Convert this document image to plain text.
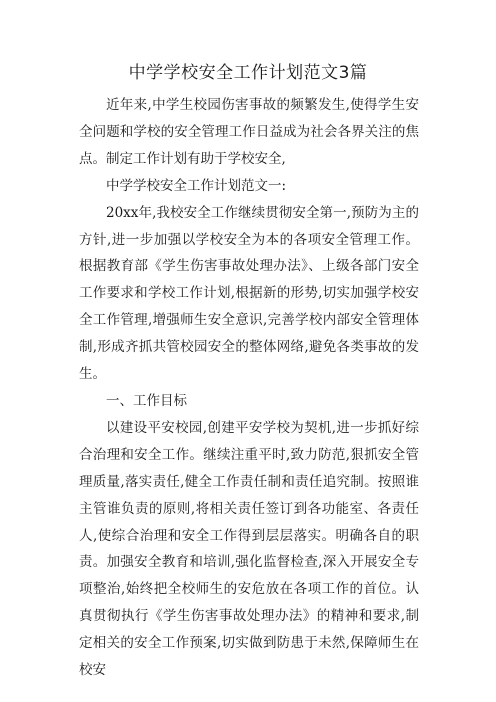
中学学校安全工作计划范文3篇

近年来,中学生校园伤害事故的频繁发生,使得学生安全问题和学校的安全管理工作日益成为社会各界关注的焦点。制定工作计划有助于学校安全,

中学学校安全工作计划范文一:

20xx年,我校安全工作继续贯彻安全第一,预防为主的方针,进一步加强以学校安全为本的各项安全管理工作。根据教育部《学生伤害事故处理办法》、上级各部门安全工作要求和学校工作计划,根据新的形势,切实加强学校安全工作管理,增强师生安全意识,完善学校内部安全管理体制,形成齐抓共管校园安全的整体网络,避免各类事故的发生。

一、工作目标

以建设平安校园,创建平安学校为契机,进一步抓好综合治理和安全工作。继续注重平时,致力防范,狠抓安全管理质量,落实责任,健全工作责任制和责任追究制。按照谁主管谁负责的原则,将相关责任签订到各功能室、各责任人,使综合治理和安全工作得到层层落实。明确各自的职责。加强安全教育和培训,强化监督检查,深入开展安全专项整治,始终把全校师生的安危放在各项工作的首位。认真贯彻执行《学生伤害事故处理办法》的精神和要求,制定相关的安全工作预案,切实做到防患于未然,保障师生在校安
